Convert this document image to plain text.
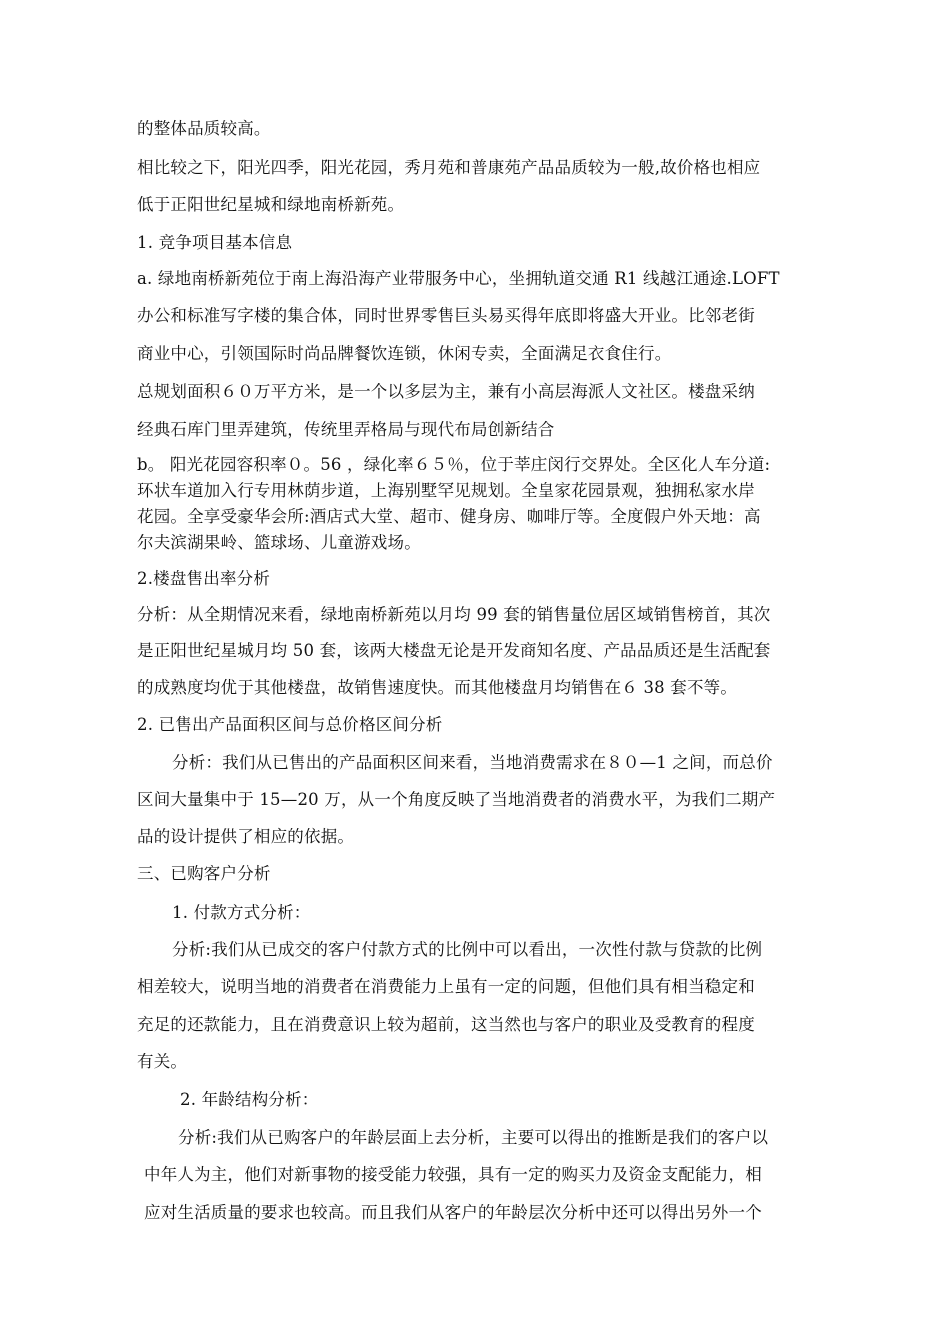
的整体品质较高。
相比较之下，阳光四季，阳光花园，秀月苑和普康苑产品品质较为一般,故价格也相应
低于正阳世纪星城和绿地南桥新苑。
1. 竞争项目基本信息
a. 绿地南桥新苑位于南上海沿海产业带服务中心，坐拥轨道交通 R1 线越江通途.LOFT
办公和标准写字楼的集合体，同时世界零售巨头易买得年底即将盛大开业。比邻老街
商业中心，引领国际时尚品牌餐饮连锁，休闲专卖，全面满足衣食住行。
总规划面积６０万平方米，是一个以多层为主，兼有小高层海派人文社区。楼盘采纳
经典石库门里弄建筑，传统里弄格局与现代布局创新结合
b。 阳光花园容积率０。56 ，绿化率６５％，位于莘庄闵行交界处。全区化人车分道:
环状车道加入行专用林荫步道，上海别墅罕见规划。全皇家花园景观，独拥私家水岸
花园。全享受豪华会所:酒店式大堂、超市、健身房、咖啡厅等。全度假户外天地：高
尔夫滨湖果岭、篮球场、儿童游戏场。
2.楼盘售出率分析
分析：从全期情况来看，绿地南桥新苑以月均 99 套的销售量位居区域销售榜首，其次
是正阳世纪星城月均 50 套，该两大楼盘无论是开发商知名度、产品品质还是生活配套
的成熟度均优于其他楼盘，故销售速度快。而其他楼盘月均销售在６ 38 套不等。
2. 已售出产品面积区间与总价格区间分析
分析：我们从已售出的产品面积区间来看，当地消费需求在８０—1 之间，而总价
区间大量集中于 15—20 万，从一个角度反映了当地消费者的消费水平，为我们二期产
品的设计提供了相应的依据。
三、已购客户分析
1. 付款方式分析：
分析:我们从已成交的客户付款方式的比例中可以看出，一次性付款与贷款的比例
相差较大，说明当地的消费者在消费能力上虽有一定的问题，但他们具有相当稳定和
充足的还款能力，且在消费意识上较为超前，这当然也与客户的职业及受教育的程度
有关。
2. 年龄结构分析：
分析:我们从已购客户的年龄层面上去分析，主要可以得出的推断是我们的客户以
中年人为主，他们对新事物的接受能力较强，具有一定的购买力及资金支配能力，相
应对生活质量的要求也较高。而且我们从客户的年龄层次分析中还可以得出另外一个
